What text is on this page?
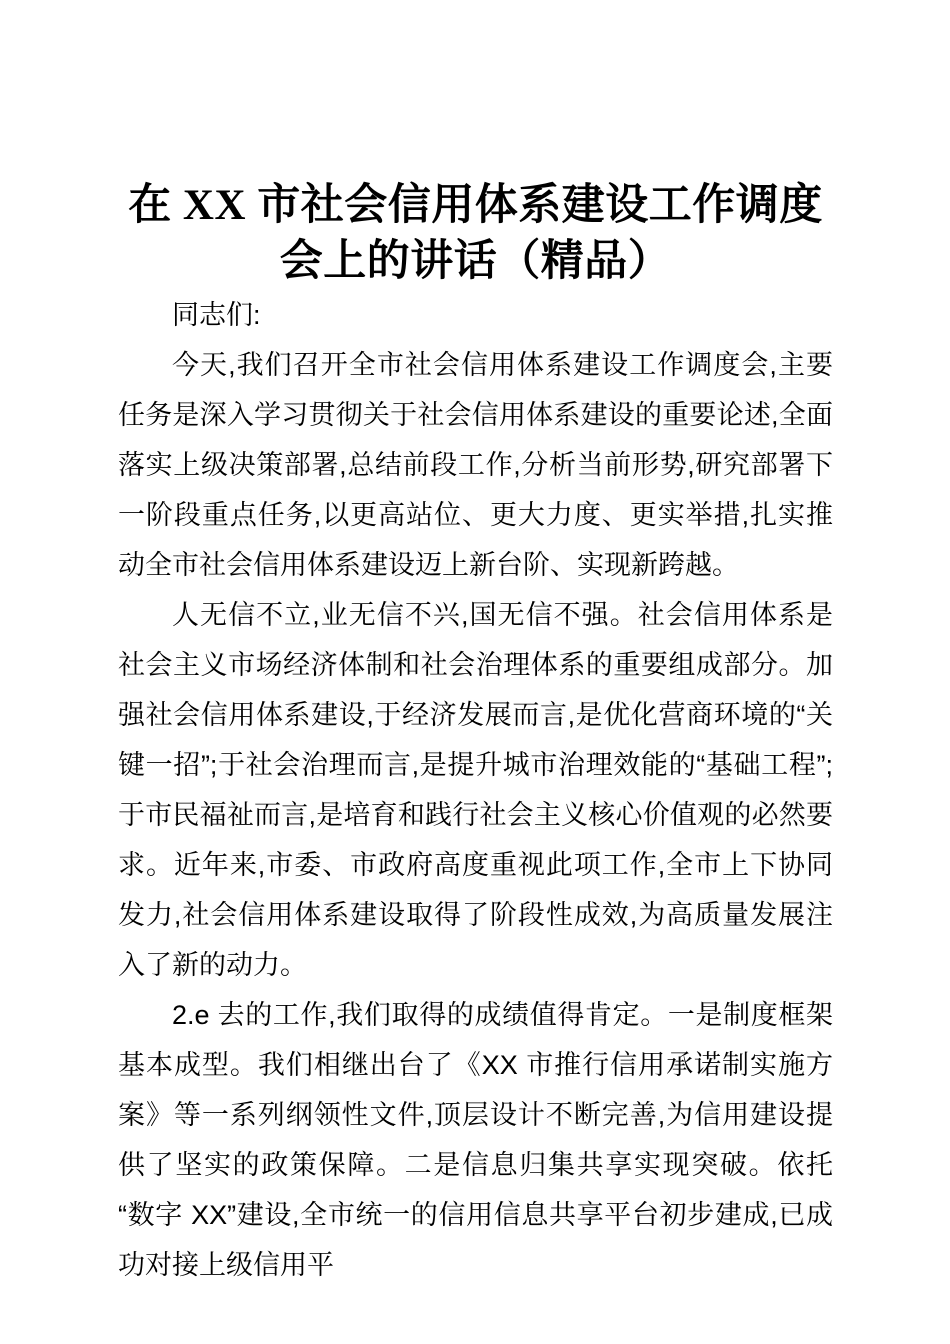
在 XX 市社会信用体系建设工作调度会上的讲话（精品）

同志们:

今天,我们召开全市社会信用体系建设工作调度会,主要任务是深入学习贯彻关于社会信用体系建设的重要论述,全面落实上级决策部署,总结前段工作,分析当前形势,研究部署下一阶段重点任务,以更高站位、更大力度、更实举措,扎实推动全市社会信用体系建设迈上新台阶、实现新跨越。

人无信不立,业无信不兴,国无信不强。社会信用体系是社会主义市场经济体制和社会治理体系的重要组成部分。加强社会信用体系建设,于经济发展而言,是优化营商环境的“关键一招”;于社会治理而言,是提升城市治理效能的“基础工程”;于市民福祉而言,是培育和践行社会主义核心价值观的必然要求。近年来,市委、市政府高度重视此项工作,全市上下协同发力,社会信用体系建设取得了阶段性成效,为高质量发展注入了新的动力。

2.e 去的工作,我们取得的成绩值得肯定。一是制度框架基本成型。我们相继出台了《XX 市推行信用承诺制实施方案》等一系列纲领性文件,顶层设计不断完善,为信用建设提供了坚实的政策保障。二是信息归集共享实现突破。依托 “数字 XX”建设,全市统一的信用信息共享平台初步建成,已成功对接上级信用平
